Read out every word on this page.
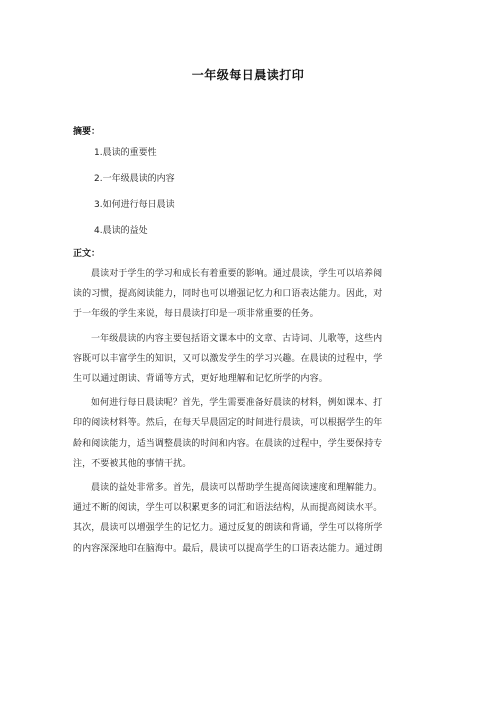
一年级每日晨读打印
摘要：
1.晨读的重要性
2.一年级晨读的内容
3.如何进行每日晨读
4.晨读的益处
正文：

晨读对于学生的学习和成长有着重要的影响。通过晨读，学生可以培养阅
读的习惯，提高阅读能力，同时也可以增强记忆力和口语表达能力。因此，对
于一年级的学生来说，每日晨读打印是一项非常重要的任务。

一年级晨读的内容主要包括语文课本中的文章、古诗词、儿歌等，这些内
容既可以丰富学生的知识，又可以激发学生的学习兴趣。在晨读的过程中，学
生可以通过朗读、背诵等方式，更好地理解和记忆所学的内容。

如何进行每日晨读呢？首先，学生需要准备好晨读的材料，例如课本、打
印的阅读材料等。然后，在每天早晨固定的时间进行晨读，可以根据学生的年
龄和阅读能力，适当调整晨读的时间和内容。在晨读的过程中，学生要保持专
注，不要被其他的事情干扰。

晨读的益处非常多。首先，晨读可以帮助学生提高阅读速度和理解能力。
通过不断的阅读，学生可以积累更多的词汇和语法结构，从而提高阅读水平。
其次，晨读可以增强学生的记忆力。通过反复的朗读和背诵，学生可以将所学
的内容深深地印在脑海中。最后，晨读可以提高学生的口语表达能力。通过朗
